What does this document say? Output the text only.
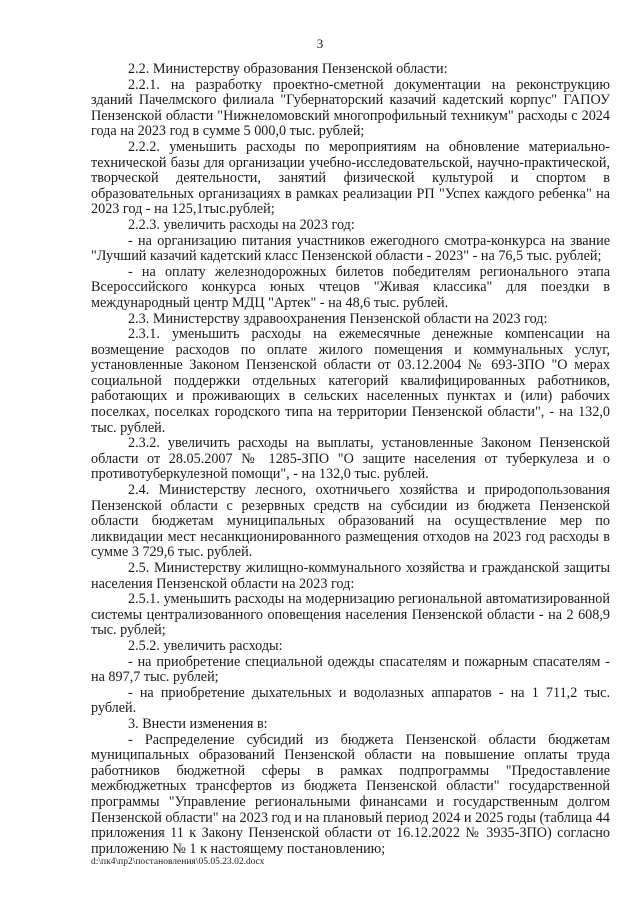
3

2.2. Министерству образования Пензенской области:

2.2.1. на разработку проектно-сметной документации на реконструкцию зданий Пачелмского филиала "Губернаторский казачий кадетский корпус" ГАПОУ Пензенской области "Нижнеломовский многопрофильный техникум" расходы с 2024 года на 2023 год в сумме 5 000,0 тыс. рублей;

2.2.2. уменьшить расходы по мероприятиям на обновление материально-технической базы для организации учебно-исследовательской, научно-практической, творческой деятельности, занятий физической культурой и спортом в образовательных организациях в рамках реализации РП "Успех каждого ребенка" на 2023 год - на 125,1тыс.рублей;

2.2.3. увеличить расходы на 2023 год:

- на организацию питания участников ежегодного смотра-конкурса на звание "Лучший казачий кадетский класс Пензенской области - 2023" - на 76,5 тыс. рублей;

- на оплату железнодорожных билетов победителям регионального этапа Всероссийского конкурса юных чтецов "Живая классика" для поездки в международный центр МДЦ "Артек" - на 48,6 тыс. рублей.

2.3. Министерству здравоохранения Пензенской области на 2023 год:

2.3.1. уменьшить расходы на ежемесячные денежные компенсации на возмещение расходов по оплате жилого помещения и коммунальных услуг, установленные Законом Пензенской области от 03.12.2004 № 693-ЗПО "О мерах социальной поддержки отдельных категорий квалифицированных работников, работающих и проживающих в сельских населенных пунктах и (или) рабочих поселках, поселках городского типа на территории Пензенской области", - на 132,0 тыс. рублей.

2.3.2. увеличить расходы на выплаты, установленные Законом Пензенской области от 28.05.2007 № 1285-ЗПО "О защите населения от туберкулеза и о противотуберкулезной помощи", - на 132,0 тыс. рублей.

2.4. Министерству лесного, охотничьего хозяйства и природопользования Пензенской области с резервных средств на субсидии из бюджета Пензенской области бюджетам муниципальных образований на осуществление мер по ликвидации мест несанкционированного размещения отходов на 2023 год расходы в сумме 3 729,6 тыс. рублей.

2.5. Министерству жилищно-коммунального хозяйства и гражданской защиты населения Пензенской области на 2023 год:

2.5.1. уменьшить расходы на модернизацию региональной автоматизированной системы централизованного оповещения населения Пензенской области - на 2 608,9 тыс. рублей;

2.5.2. увеличить расходы:

- на приобретение специальной одежды спасателям и пожарным спасателям - на 897,7 тыс. рублей;

- на приобретение дыхательных и водолазных аппаратов - на 1 711,2 тыс. рублей.

3. Внести изменения в:

- Распределение субсидий из бюджета Пензенской области бюджетам муниципальных образований Пензенской области на повышение оплаты труда работников бюджетной сферы в рамках подпрограммы "Предоставление межбюджетных трансфертов из бюджета Пензенской области" государственной программы "Управление региональными финансами и государственным долгом Пензенской области" на 2023 год и на плановый период 2024 и 2025 годы (таблица 44 приложения 11 к Закону Пензенской области от 16.12.2022 № 3935-ЗПО) согласно приложению № 1 к настоящему постановлению;

d:\пк4\пр2\постановления\05.05.23.02.docx
